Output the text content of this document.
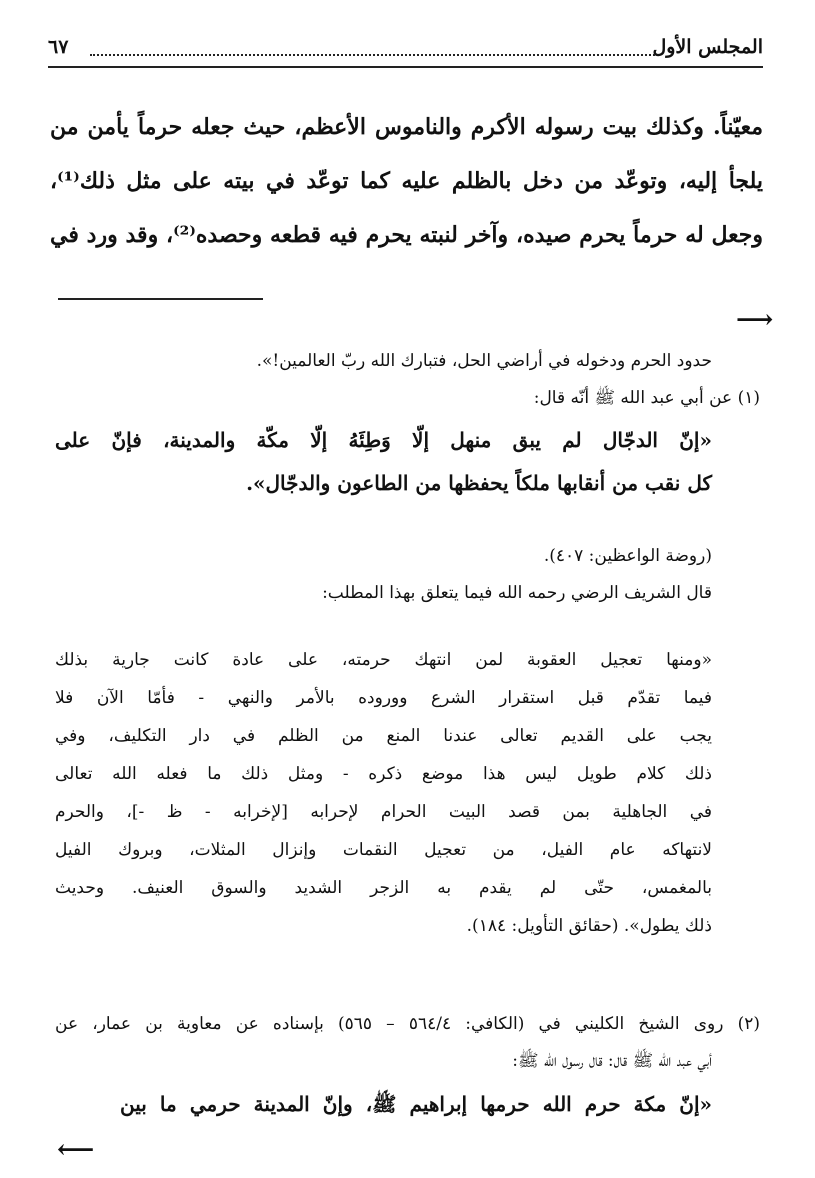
المجلس الأول
٦٧
معيّناً. وكذلك بيت رسوله الأكرم والناموس الأعظم، حيث جعله حرماً يأمن من
يلجأ إليه، وتوعّد من دخل بالظلم عليه كما توعّد في بيته على مثل ذلك⁽¹⁾،
وجعل له حرماً يحرم صيده، وآخر لنبته يحرم فيه قطعه وحصده⁽²⁾، وقد ورد في
⟶
حدود الحرم ودخوله في أراضي الحل، فتبارك الله ربّ العالمين!».
(١) عن أبي عبد الله ﷺ أنّه قال:
«إنّ الدجّال لم يبق منهل إلّا وَطِئَهُ إلّا مكّة والمدينة، فإنّ على
كل نقب من أنقابها ملكاً يحفظها من الطاعون والدجّال».
(روضة الواعظين: ٤٠٧).
قال الشريف الرضي رحمه الله فيما يتعلق بهذا المطلب:
«ومنها تعجيل العقوبة لمن انتهك حرمته، على عادة كانت جارية بذلك
فيما تقدّم قبل استقرار الشرع ووروده بالأمر والنهي - فأمّا الآن فلا
يجب على القديم تعالى عندنا المنع من الظلم في دار التكليف، وفي
ذلك كلام طويل ليس هذا موضع ذكره - ومثل ذلك ما فعله الله تعالى
في الجاهلية بمن قصد البيت الحرام لإحرابه [لإخرابه - ظ -]، والحرم
لانتهاكه عام الفيل، من تعجيل النقمات وإنزال المثلات، وبروك الفيل
بالمغمس، حتّى لم يقدم به الزجر الشديد والسوق العنيف. وحديث
ذلك يطول». (حقائق التأويل: ١٨٤).
(٢) روى الشيخ الكليني في (الكافي: ٥٦٤/٤ – ٥٦٥) بإسناده عن معاوية بن عمار، عن
أبي عبد الله ﷺ قال: قال رسول الله ﷺ:
«إنّ مكة حرم الله حرمها إبراهيم ﷺ، وإنّ المدينة حرمي ما بين
⟵
